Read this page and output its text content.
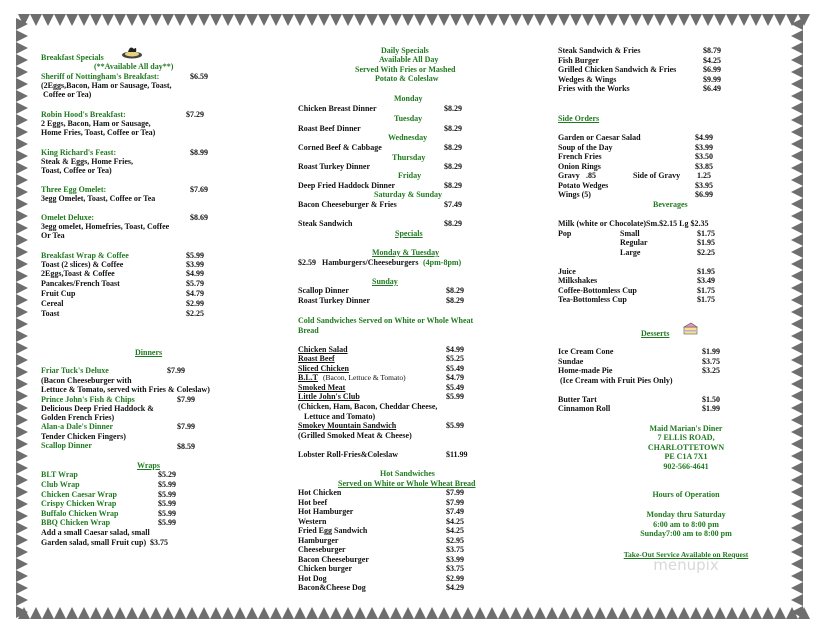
Breakfast Specials
(**Available All day**)
Sheriff of Nottingham's Breakfast:	$6.59
(2Eggs,Bacon, Ham or Sausage, Toast,
Coffee or Tea)
Robin Hood's Breakfast:	$7.29
2 Eggs, Bacon, Ham or Sausage,
Home Fries, Toast, Coffee or Tea)
King Richard's Feast:	$8.99
Steak & Eggs, Home Fries,
Toast, Coffee or Tea)
Three Egg Omelet:	$7.69
3egg Omelet, Toast, Coffee or Tea
Omelet Deluxe:	$8.69
3egg omelet, Homefries, Toast, Coffee
Or Tea
Breakfast Wrap & Coffee	$5.99
Toast (2 slices) & Coffee	$3.99
2Eggs,Toast & Coffee	$4.99
Pancakes/French Toast	$5.79
Fruit Cup	$4.79
Cereal	$2.99
Toast	$2.25
Dinners
Friar Tuck's Deluxe	$7.99
(Bacon Cheeseburger with
Lettuce & Tomato, served with Fries & Coleslaw)
Prince John's Fish & Chips	$7.99
Delicious Deep Fried Haddock &
Golden French Fries)
Alan-a Dale's Dinner	$7.99
Tender Chicken Fingers)
Scallop Dinner	$8.59
Wraps
BLT Wrap	$5.29
Club Wrap	$5.99
Chicken Caesar Wrap	$5.99
Crispy Chicken Wrap	$5.99
Buffalo Chicken Wrap	$5.99
BBQ Chicken Wrap	$5.99
Add a small Caesar salad, small
Garden salad, small Fruit cup) $3.75
Daily Specials
Available All Day
Served With Fries or Mashed
Potato & Coleslaw
Monday
Chicken Breast Dinner	$8.29
Tuesday
Roast Beef Dinner	$8.29
Wednesday
Corned Beef & Cabbage	$8.29
Thursday
Roast Turkey Dinner	$8.29
Friday
Deep Fried Haddock Dinner	$8.29
Saturday & Sunday
Bacon Cheeseburger & Fries	$7.49
Steak Sandwich	$8.29
Specials
Monday & Tuesday
$2.59 Hamburgers/Cheeseburgers (4pm-8pm)
Sunday
Scallop Dinner	$8.29
Roast Turkey Dinner	$8.29
Cold Sandwiches Served on White or Whole Wheat
Bread
Chicken Salad	$4.99
Roast Beef	$5.25
Sliced Chicken	$5.49
B.L.T (Bacon, Lettuce & Tomato)	$4.79
Smoked Meat	$5.49
Little John's Club	$5.99
(Chicken, Ham, Bacon, Cheddar Cheese,
Lettuce and Tomato)
Smokey Mountain Sandwich	$5.99
(Grilled Smoked Meat & Cheese)
Lobster Roll-Fries&Coleslaw	$11.99
Hot Sandwiches
Served on White or Whole Wheat Bread
Hot Chicken	$7.99
Hot beef	$7.99
Hot Hamburger	$7.49
Western	$4.25
Fried Egg Sandwich	$4.25
Hamburger	$2.95
Cheeseburger	$3.75
Bacon Cheeseburger	$3.99
Chicken burger	$3.75
Hot Dog	$2.99
Bacon&Cheese Dog	$4.29
Steak Sandwich & Fries	$8.79
Fish Burger	$4.25
Grilled Chicken Sandwich & Fries	$6.99
Wedges & Wings	$9.99
Fries with the Works	$6.49
Side Orders
Garden or Caesar Salad	$4.99
Soup of the Day	$3.99
French Fries	$3.50
Onion Rings	$3.85
Gravy .85	Side of Gravy 1.25
Potato Wedges	$3.95
Wings (5)	$6.99
Beverages
Milk (white or Chocolate)Sm.$2.15 Lg $2.35
Pop	Small	$1.75
Regular	$1.95
Large	$2.25
Juice	$1.95
Milkshakes	$3.49
Coffee-Bottomless Cup	$1.75
Tea-Bottomless Cup	$1.75
Desserts
Ice Cream Cone	$1.99
Sundae	$3.75
Home-made Pie	$3.25
(Ice Cream with Fruit Pies Only)
Butter Tart	$1.50
Cinnamon Roll	$1.99
Maid Marian's Diner
7 ELLIS ROAD,
CHARLOTTETOWN
PE C1A 7X1
902-566-4641
Hours of Operation
Monday thru Saturday
6:00 am to 8:00 pm
Sunday7:00 am to 8:00 pm
Take-Out Service Available on Request
menupix
